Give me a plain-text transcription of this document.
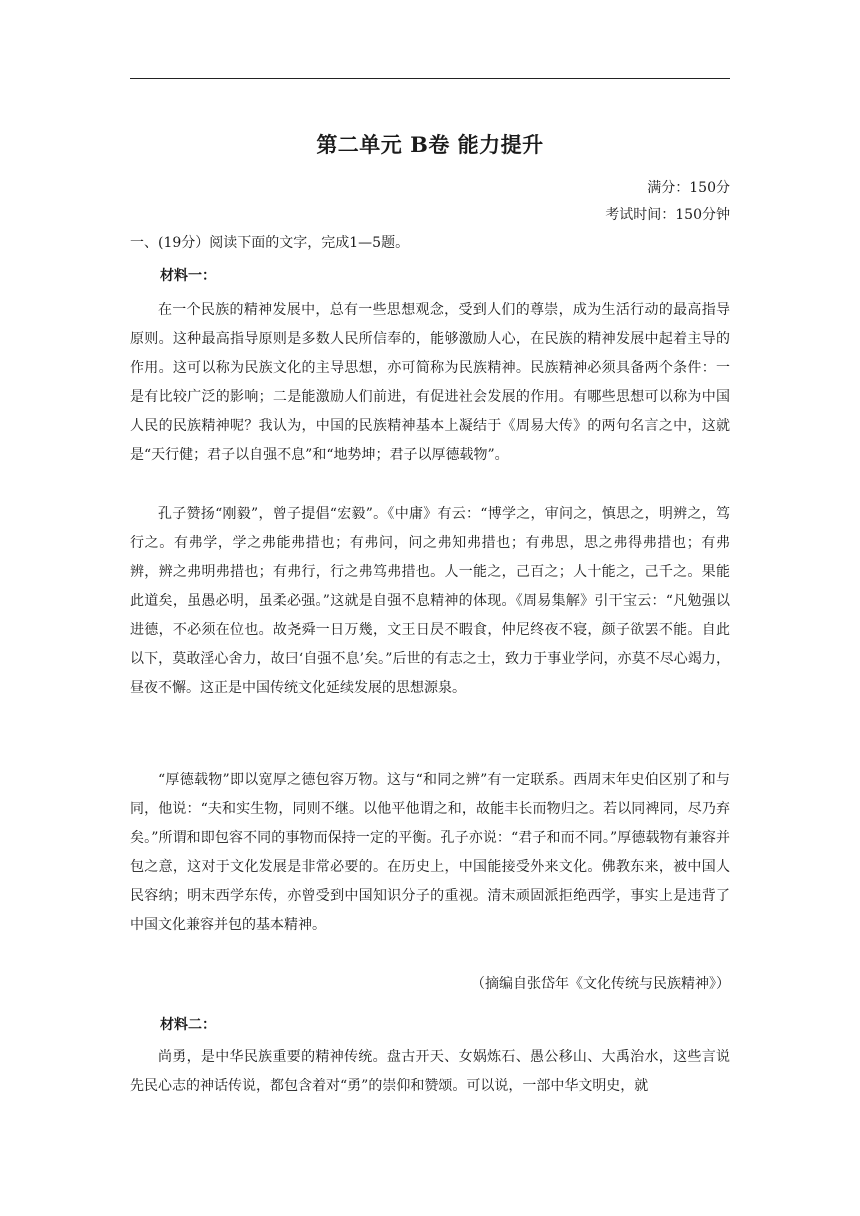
第二单元 B卷 能力提升
满分：150分
考试时间：150分钟
一、(19分）阅读下面的文字，完成1—5题。
材料一：

在一个民族的精神发展中，总有一些思想观念，受到人们的尊崇，成为生活行动的最高指导原则。这种最高指导原则是多数人民所信奉的，能够激励人心，在民族的精神发展中起着主导的作用。这可以称为民族文化的主导思想，亦可简称为民族精神。民族精神必须具备两个条件：一是有比较广泛的影响；二是能激励人们前进，有促进社会发展的作用。有哪些思想可以称为中国人民的民族精神呢？我认为，中国的民族精神基本上凝结于《周易大传》的两句名言之中，这就是“天行健；君子以自强不息”和“地势坤；君子以厚德载物”。

孔子赞扬“刚毅”，曾子提倡“宏毅”。《中庸》有云：“博学之，审问之，慎思之，明辨之，笃行之。有弗学，学之弗能弗措也；有弗问，问之弗知弗措也；有弗思，思之弗得弗措也；有弗辨，辨之弗明弗措也；有弗行，行之弗笃弗措也。人一能之，己百之；人十能之，己千之。果能此道矣，虽愚必明，虽柔必强。”这就是自强不息精神的体现。《周易集解》引干宝云：“凡勉强以进德，不必须在位也。故尧舜一日万幾，文王日昃不暇食，仲尼终夜不寝，颜子欲罢不能。自此以下，莫敢淫心舍力，故曰‘自强不息’矣。”后世的有志之士，致力于事业学问，亦莫不尽心竭力，昼夜不懈。这正是中国传统文化延续发展的思想源泉。

“厚德载物”即以宽厚之德包容万物。这与“和同之辨”有一定联系。西周末年史伯区别了和与同，他说：“夫和实生物，同则不继。以他平他谓之和，故能丰长而物归之。若以同裨同，尽乃弃矣。”所谓和即包容不同的事物而保持一定的平衡。孔子亦说：“君子和而不同。”厚德载物有兼容并包之意，这对于文化发展是非常必要的。在历史上，中国能接受外来文化。佛教东来，被中国人民容纳；明末西学东传，亦曾受到中国知识分子的重视。清末顽固派拒绝西学，事实上是违背了中国文化兼容并包的基本精神。

（摘编自张岱年《文化传统与民族精神》）
材料二：

尚勇，是中华民族重要的精神传统。盘古开天、女娲炼石、愚公移山、大禹治水，这些言说先民心志的神话传说，都包含着对“勇”的崇仰和赞颂。可以说，一部中华文明史，就
